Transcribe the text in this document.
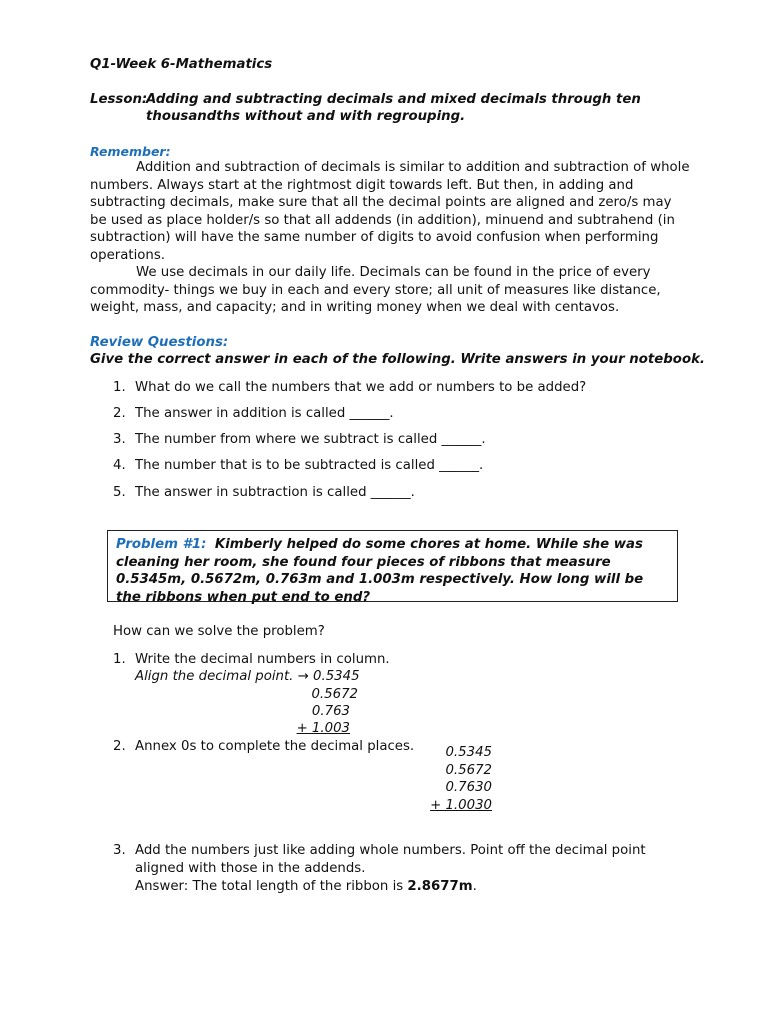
Q1-Week 6-Mathematics
Lesson:
Adding and subtracting decimals and mixed decimals through ten
thousandths without and with regrouping.
Remember:
Addition and subtraction of decimals is similar to addition and subtraction of whole numbers. Always start at the rightmost digit towards left. But then, in adding and subtracting decimals, make sure that all the decimal points are aligned and zero/s may be used as place holder/s so that all addends (in addition), minuend and subtrahend (in subtraction) will have the same number of digits to avoid confusion when performing operations.
We use decimals in our daily life. Decimals can be found in the price of every commodity- things we buy in each and every store; all unit of measures like distance, weight, mass, and capacity; and in writing money when we deal with centavos.
Review Questions:
Give the correct answer in each of the following. Write answers in your notebook.
1. What do we call the numbers that we add or numbers to be added?
2. The answer in addition is called ______.
3. The number from where we subtract is called ______.
4. The number that is to be subtracted is called ______.
5. The answer in subtraction is called ______.
Problem #1: Kimberly helped do some chores at home. While she was cleaning her room, she found four pieces of ribbons that measure 0.5345m, 0.5672m, 0.763m and 1.003m respectively. How long will be the ribbons when put end to end?
How can we solve the problem?
1. Write the decimal numbers in column.
Align the decimal point. → 0.5345
0.5672
0.763
+ 1.003
2. Annex 0s to complete the decimal places. 0.5345
0.5672
0.7630
+ 1.0030
3. Add the numbers just like adding whole numbers. Point off the decimal point
aligned with those in the addends.
Answer: The total length of the ribbon is 2.8677m.
